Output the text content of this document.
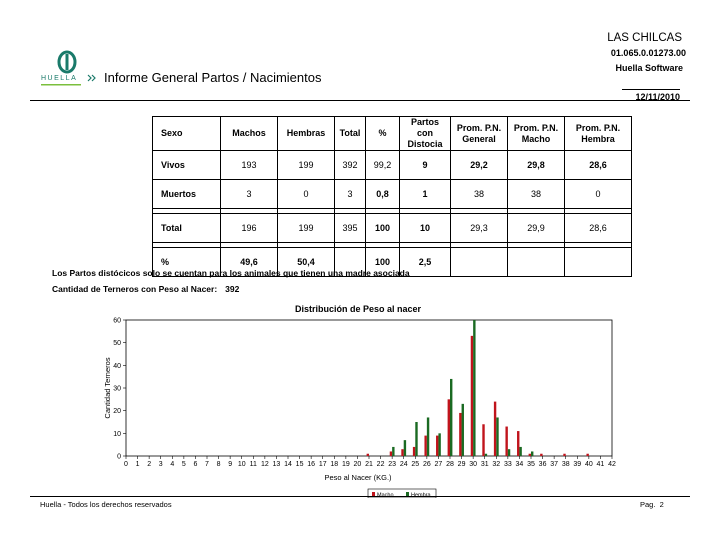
HUELLA Informe General Partos / Nacimientos
LAS CHILCAS
01.065.0.01273.00
Huella Software
12/11/2010
Sexo	Machos	Hembras	Total	%	Partos con Distocia	Prom. P.N. General	Prom. P.N. Macho	Prom. P.N. Hembra
Vivos	193	199	392	99,2	9	29,2	29,8	28,6
Muertos	3	0	3	0,8	1	38	38	0

Total	196	199	395	100	10	29,3	29,9	28,6

%	49,6	50,4		100	2,5			
Los Partos distócicos solo se cuentan para los animales que tienen una madre asociada
Cantidad de Terneros con Peso al Nacer: 392
Distribución de Peso al nacer
0
10
20
30
40
50
60
0 1 2 3 4 5 6 7 8 9 10 11 12 13 14 15 16 17 18 19 20 21 22 23 24 25 26 27 28 29 30 31 32 33 34 35 36 37 38 39 40 41 42
Peso al Nacer (KG.)
Cantidad Terneros
Macho	Hembra
Huella - Todos los derechos reservados	Pag. 2
